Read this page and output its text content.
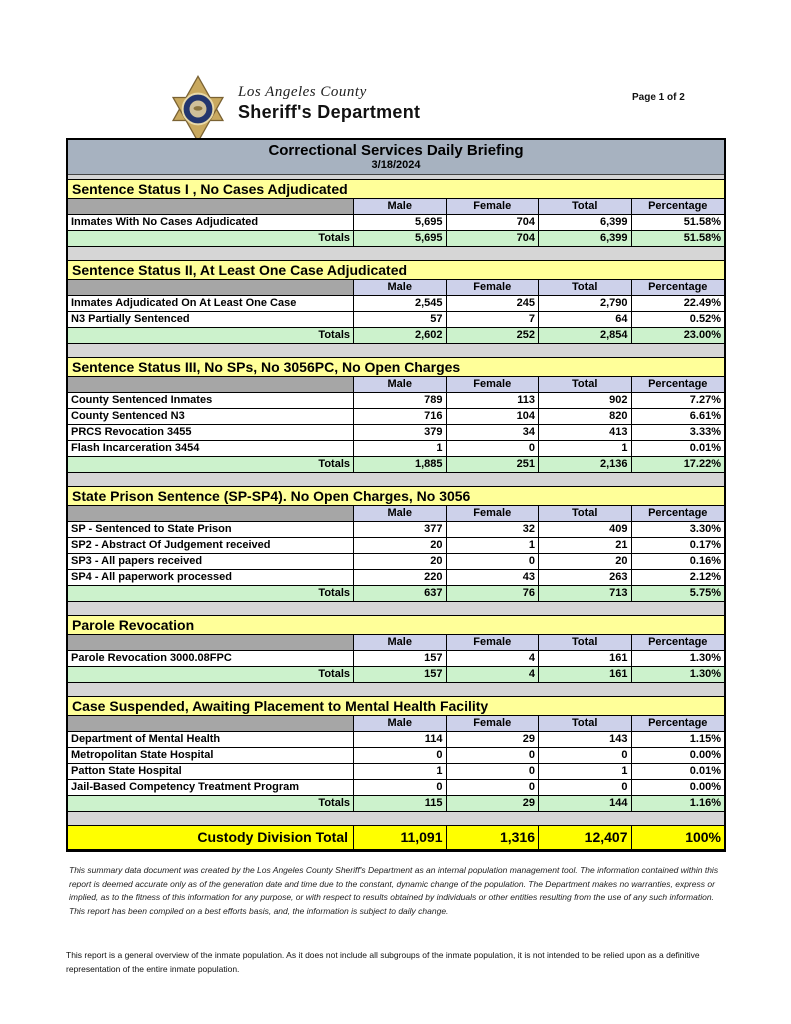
Los Angeles County
Sheriff's Department
Page 1 of 2
Correctional Services Daily Briefing
3/18/2024
Sentence Status I , No Cases Adjudicated
Male	Female	Total	Percentage
Inmates With No Cases Adjudicated	5,695	704	6,399	51.58%
Totals	5,695	704	6,399	51.58%
Sentence Status II, At Least One Case Adjudicated
Male	Female	Total	Percentage
Inmates Adjudicated On At Least One Case	2,545	245	2,790	22.49%
N3 Partially Sentenced	57	7	64	0.52%
Totals	2,602	252	2,854	23.00%
Sentence Status III, No SPs, No 3056PC, No Open Charges
Male	Female	Total	Percentage
County Sentenced Inmates	789	113	902	7.27%
County Sentenced N3	716	104	820	6.61%
PRCS Revocation 3455	379	34	413	3.33%
Flash Incarceration 3454	1	0	1	0.01%
Totals	1,885	251	2,136	17.22%
State Prison Sentence (SP-SP4). No Open Charges, No 3056
Male	Female	Total	Percentage
SP - Sentenced to State Prison	377	32	409	3.30%
SP2 - Abstract Of Judgement received	20	1	21	0.17%
SP3 - All papers received	20	0	20	0.16%
SP4 - All paperwork processed	220	43	263	2.12%
Totals	637	76	713	5.75%
Parole Revocation
Male	Female	Total	Percentage
Parole Revocation 3000.08FPC	157	4	161	1.30%
Totals	157	4	161	1.30%
Case Suspended, Awaiting Placement to Mental Health Facility
Male	Female	Total	Percentage
Department of Mental Health	114	29	143	1.15%
Metropolitan State Hospital	0	0	0	0.00%
Patton State Hospital	1	0	1	0.01%
Jail-Based Competency Treatment Program	0	0	0	0.00%
Totals	115	29	144	1.16%
Custody Division Total	11,091	1,316	12,407	100%

This summary data document was created by the Los Angeles County Sheriff's Department as an internal population management tool. The information contained within this report is deemed accurate only as of the generation date and time due to the constant, dynamic change of the population. The Department makes no warranties, express or implied, as to the fitness of this information for any purpose, or with respect to results obtained by individuals or other entities resulting from the use of any such information. This report has been compiled on a best efforts basis, and, the information is subject to daily change.

This report is a general overview of the inmate population. As it does not include all subgroups of the inmate population, it is not intended to be relied upon as a definitive representation of the entire inmate population.
